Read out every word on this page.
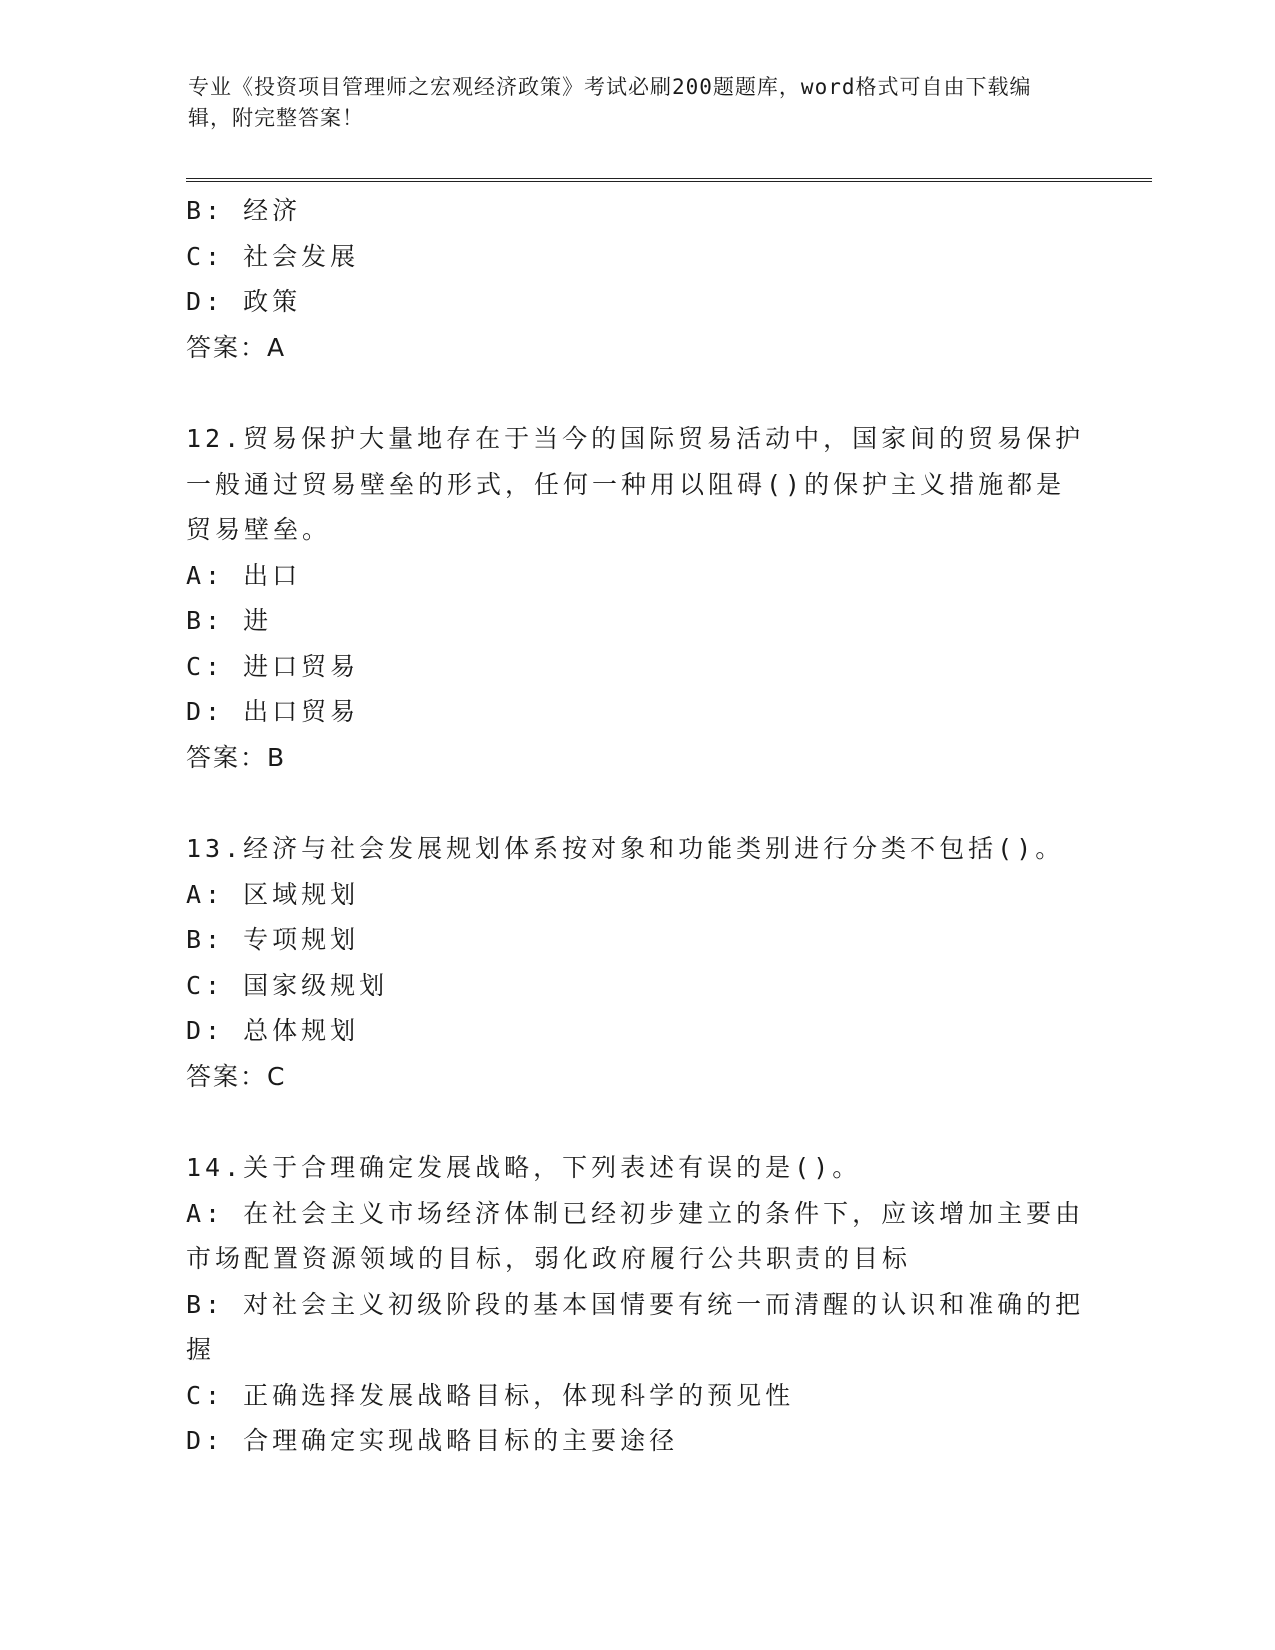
专业《投资项目管理师之宏观经济政策》考试必刷200题题库，word格式可自由下载编辑，附完整答案！
B: 经济
C: 社会发展
D: 政策
答案：A
12.贸易保护大量地存在于当今的国际贸易活动中，国家间的贸易保护
一般通过贸易壁垒的形式，任何一种用以阻碍()的保护主义措施都是
贸易壁垒。
A: 出口
B: 进
C: 进口贸易
D: 出口贸易
答案：B
13.经济与社会发展规划体系按对象和功能类别进行分类不包括()。
A: 区域规划
B: 专项规划
C: 国家级规划
D: 总体规划
答案：C
14.关于合理确定发展战略，下列表述有误的是()。
A: 在社会主义市场经济体制已经初步建立的条件下，应该增加主要由
市场配置资源领域的目标，弱化政府履行公共职责的目标
B: 对社会主义初级阶段的基本国情要有统一而清醒的认识和准确的把
握
C: 正确选择发展战略目标，体现科学的预见性
D: 合理确定实现战略目标的主要途径
